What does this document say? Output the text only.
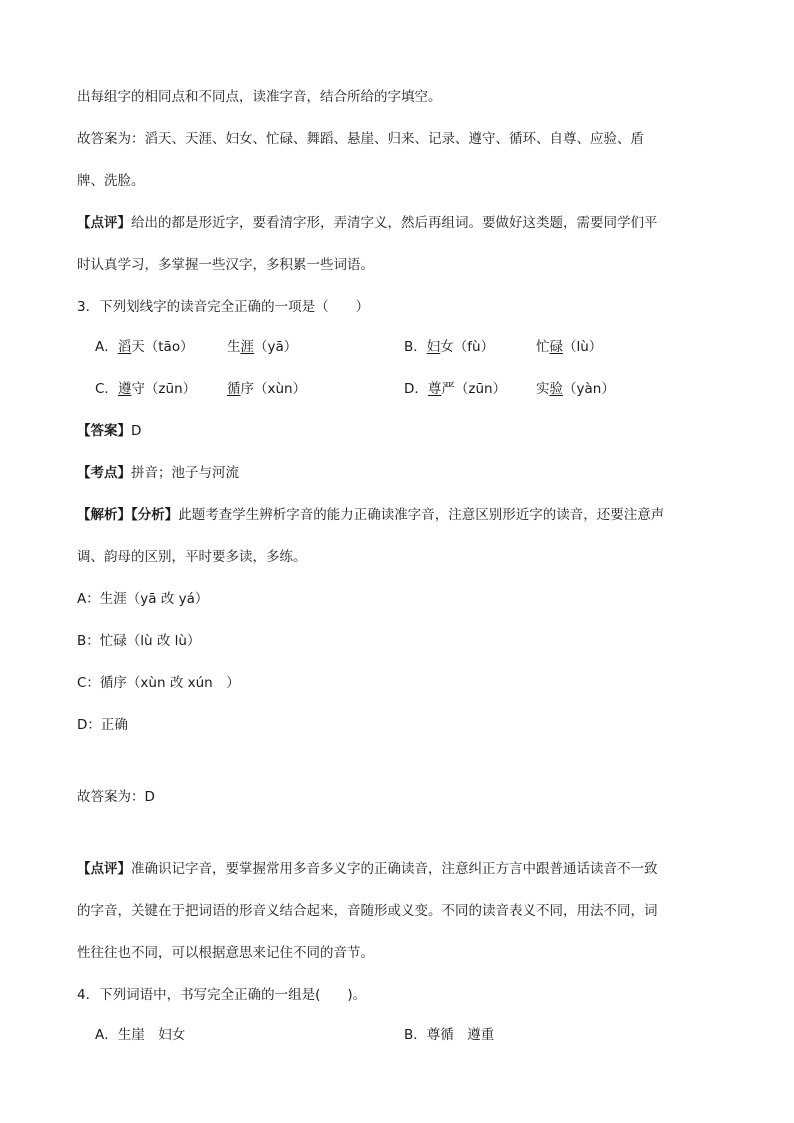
出每组字的相同点和不同点，读准字音，结合所给的字填空。
故答案为：滔天、天涯、妇女、忙碌、舞蹈、悬崖、归来、记录、遵守、循环、自尊、应验、盾
牌、洗脸。
【点评】给出的都是形近字，要看清字形，弄清字义，然后再组词。要做好这类题，需要同学们平
时认真学习，多掌握一些汉字，多积累一些词语。
3．下列划线字的读音完全正确的一项是（　　）
A．滔天（tāo） 生涯（yā）	B．妇女（fù）	忙碌（lù）
C．遵守（zūn） 循序（xùn）	D．尊严（zūn） 实验（yàn）
【答案】D
【考点】拼音；池子与河流
【解析】【分析】此题考查学生辨析字音的能力正确读准字音，注意区别形近字的读音，还要注意声
调、韵母的区别，平时要多读，多练。
A：生涯（yā 改 yá）
B：忙碌（lù 改 lù）
C：循序（xùn 改 xún　）
D：正确
故答案为：D
【点评】准确识记字音，要掌握常用多音多义字的正确读音，注意纠正方言中跟普通话读音不一致
的字音，关键在于把词语的形音义结合起来，音随形或义变。不同的读音表义不同，用法不同，词
性往往也不同，可以根据意思来记住不同的音节。
4．下列词语中，书写完全正确的一组是(　　)。
A．生崖　妇女	B．尊循　遵重
